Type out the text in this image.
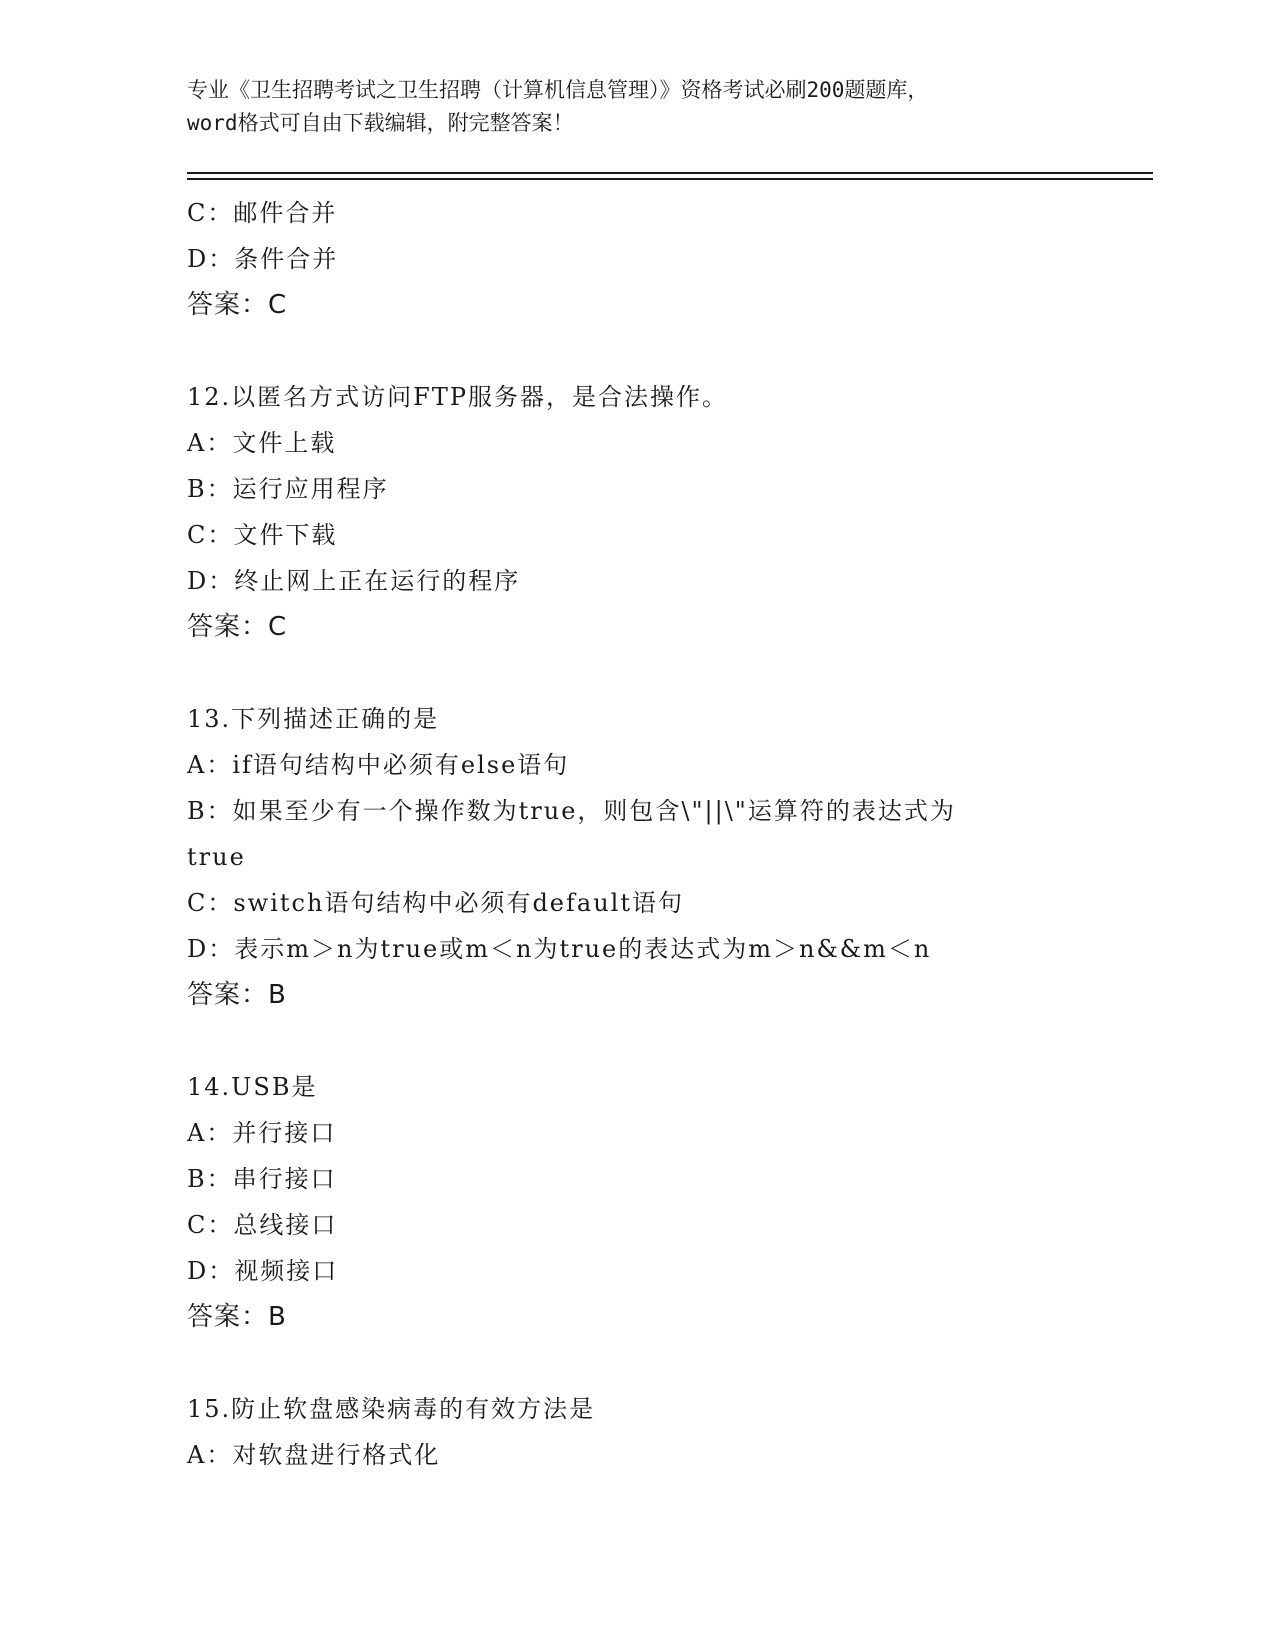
专业《卫生招聘考试之卫生招聘（计算机信息管理）》资格考试必刷200题题库，
word格式可自由下载编辑，附完整答案！
C：邮件合并
D：条件合并
答案：C
12.以匿名方式访问FTP服务器，是合法操作。
A：文件上载
B：运行应用程序
C：文件下载
D：终止网上正在运行的程序
答案：C
13.下列描述正确的是
A：if语句结构中必须有else语句
B：如果至少有一个操作数为true，则包含\"||\"运算符的表达式为
true
C：switch语句结构中必须有default语句
D：表示m＞n为true或m＜n为true的表达式为m＞n&&m＜n
答案：B
14.USB是
A：并行接口
B：串行接口
C：总线接口
D：视频接口
答案：B
15.防止软盘感染病毒的有效方法是
A：对软盘进行格式化
